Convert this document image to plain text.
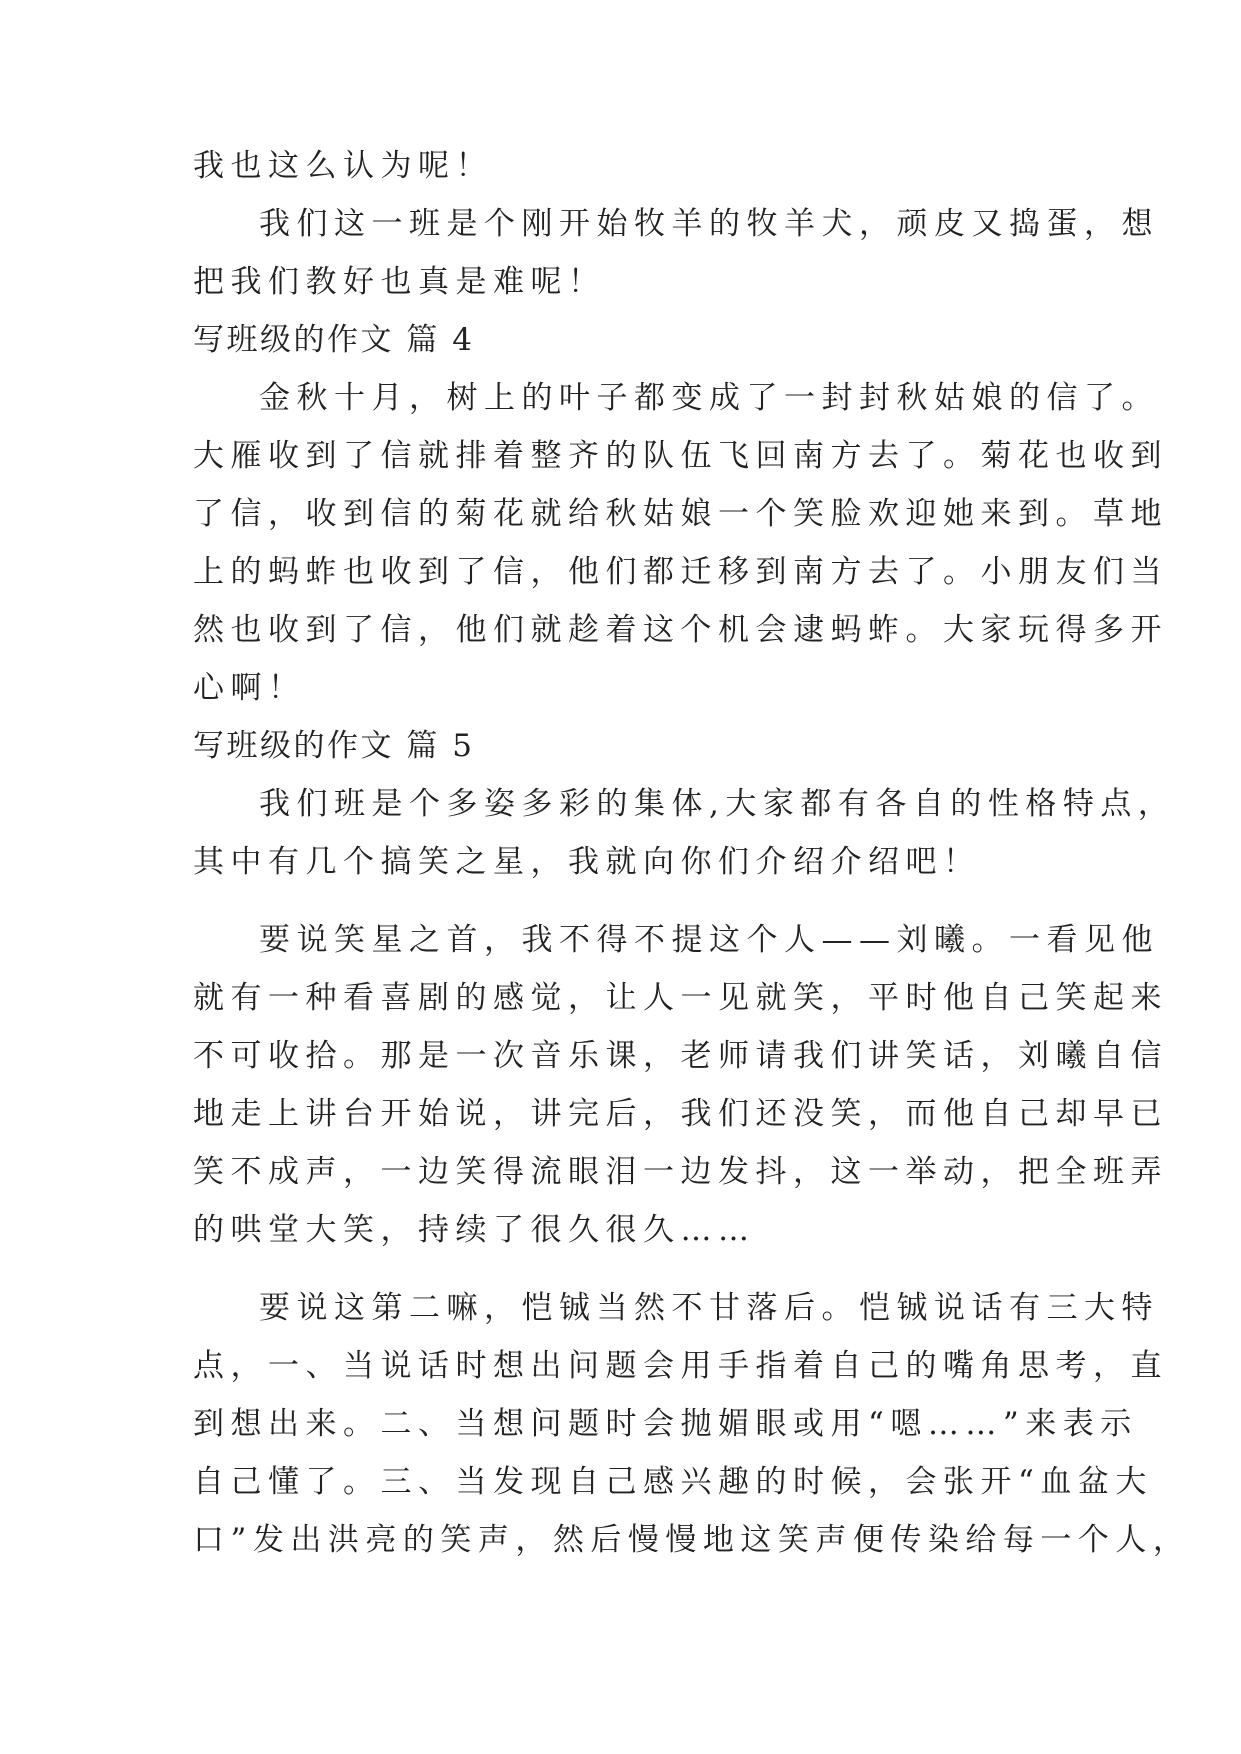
我也这么认为呢！
我们这一班是个刚开始牧羊的牧羊犬，顽皮又捣蛋，想
把我们教好也真是难呢！
写班级的作文 篇 4
金秋十月，树上的叶子都变成了一封封秋姑娘的信了。
大雁收到了信就排着整齐的队伍飞回南方去了。菊花也收到
了信，收到信的菊花就给秋姑娘一个笑脸欢迎她来到。草地
上的蚂蚱也收到了信，他们都迁移到南方去了。小朋友们当
然也收到了信，他们就趁着这个机会逮蚂蚱。大家玩得多开
心啊！
写班级的作文 篇 5
我们班是个多姿多彩的集体,大家都有各自的性格特点，
其中有几个搞笑之星，我就向你们介绍介绍吧！
要说笑星之首，我不得不提这个人——刘曦。一看见他
就有一种看喜剧的感觉，让人一见就笑，平时他自己笑起来
不可收拾。那是一次音乐课，老师请我们讲笑话，刘曦自信
地走上讲台开始说，讲完后，我们还没笑，而他自己却早已
笑不成声，一边笑得流眼泪一边发抖，这一举动，把全班弄
的哄堂大笑，持续了很久很久……
要说这第二嘛，恺铖当然不甘落后。恺铖说话有三大特
点，一、当说话时想出问题会用手指着自己的嘴角思考，直
到想出来。二、当想问题时会抛媚眼或用“嗯……”来表示
自己懂了。三、当发现自己感兴趣的时候，会张开“血盆大
口”发出洪亮的笑声，然后慢慢地这笑声便传染给每一个人，
